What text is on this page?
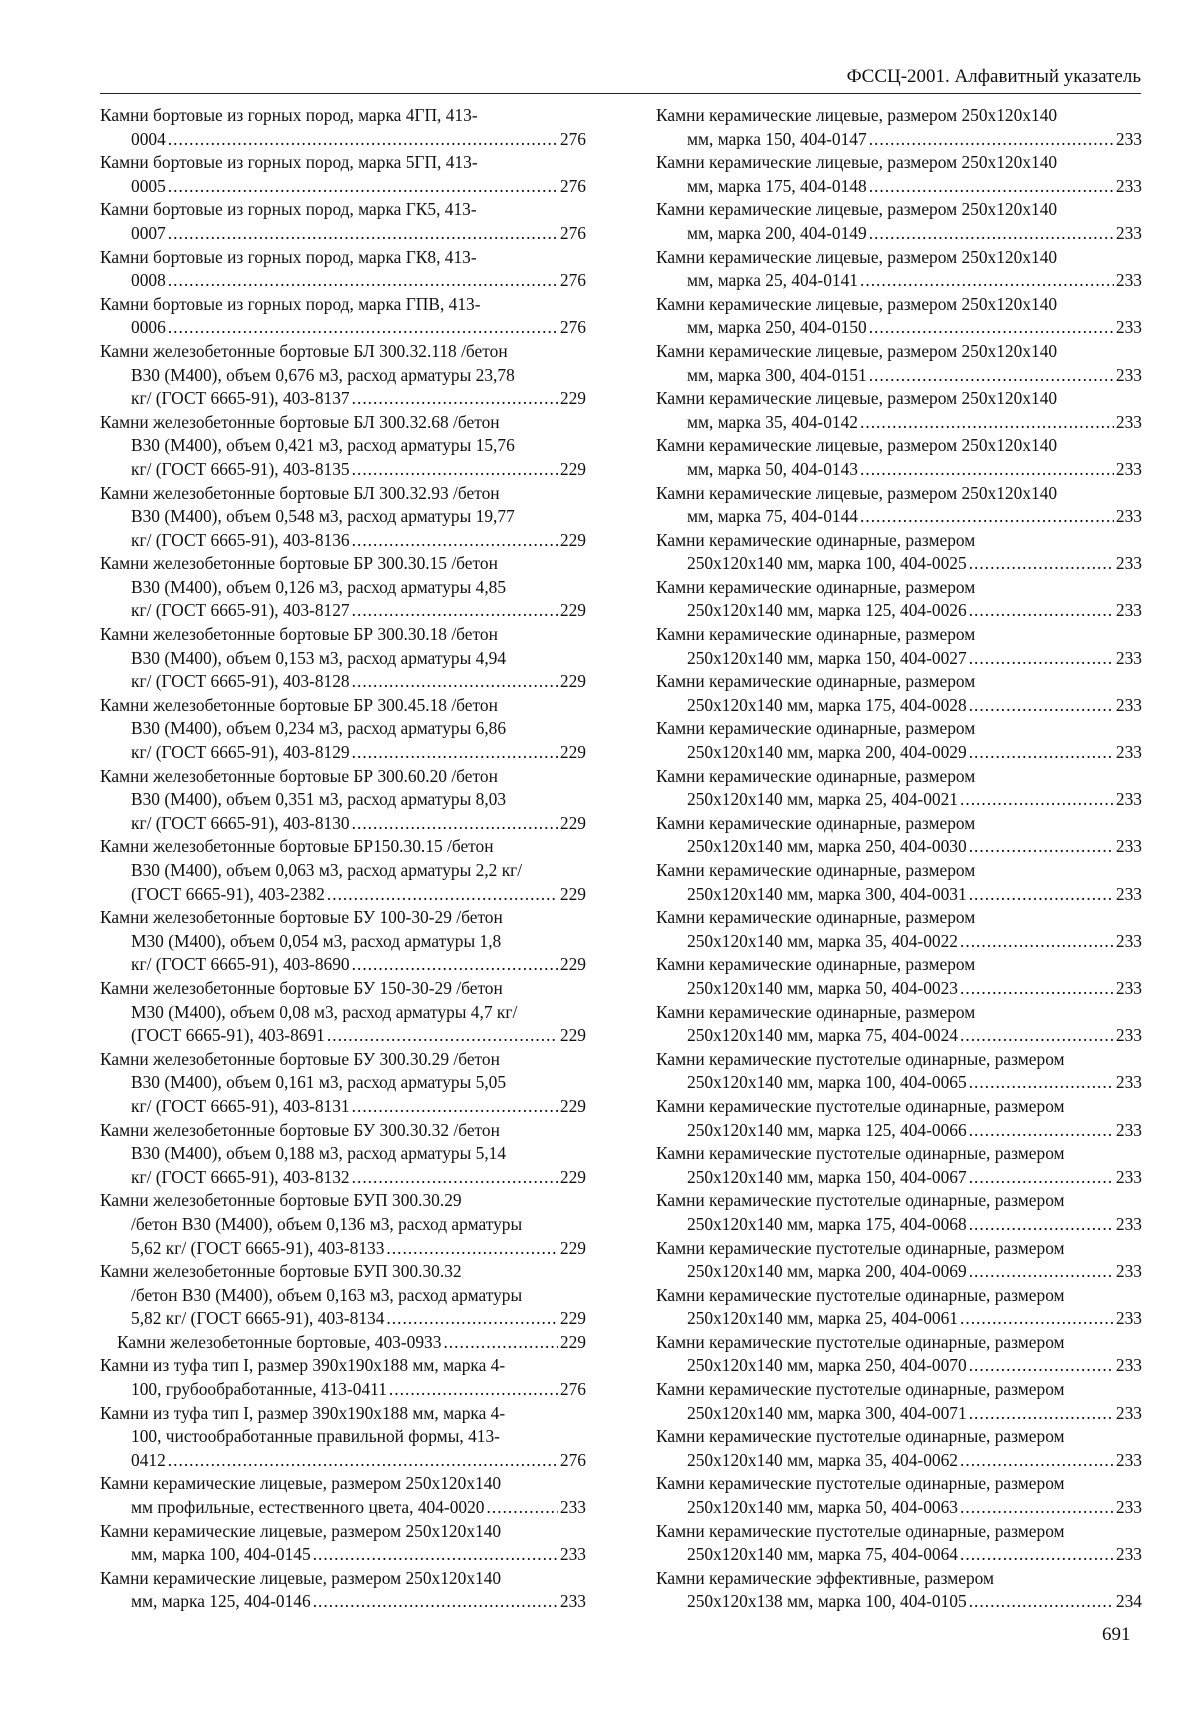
ФССЦ-2001. Алфавитный указатель
Камни бортовые из горных пород, марка 4ГП, 413-
0004 .....	276
Камни бортовые из горных пород, марка 5ГП, 413-
0005 .....	276
Камни бортовые из горных пород, марка ГК5, 413-
0007 .....	276
Камни бортовые из горных пород, марка ГК8, 413-
0008 .....	276
Камни бортовые из горных пород, марка ГПВ, 413-
0006 .....	276
Камни железобетонные бортовые БЛ 300.32.118 /бетон
В30 (М400), объем 0,676 м3, расход арматуры 23,78
кг/ (ГОСТ 6665-91), 403-8137 .....	229
Камни железобетонные бортовые БЛ 300.32.68 /бетон
В30 (М400), объем 0,421 м3, расход арматуры 15,76
кг/ (ГОСТ 6665-91), 403-8135 .....	229
Камни железобетонные бортовые БЛ 300.32.93 /бетон
В30 (М400), объем 0,548 м3, расход арматуры 19,77
кг/ (ГОСТ 6665-91), 403-8136 .....	229
Камни железобетонные бортовые БР 300.30.15 /бетон
В30 (М400), объем 0,126 м3, расход арматуры 4,85
кг/ (ГОСТ 6665-91), 403-8127 .....	229
Камни железобетонные бортовые БР 300.30.18 /бетон
В30 (М400), объем 0,153 м3, расход арматуры 4,94
кг/ (ГОСТ 6665-91), 403-8128 .....	229
Камни железобетонные бортовые БР 300.45.18 /бетон
В30 (М400), объем 0,234 м3, расход арматуры 6,86
кг/ (ГОСТ 6665-91), 403-8129 .....	229
Камни железобетонные бортовые БР 300.60.20 /бетон
В30 (М400), объем 0,351 м3, расход арматуры 8,03
кг/ (ГОСТ 6665-91), 403-8130 .....	229
Камни железобетонные бортовые БР150.30.15 /бетон
В30 (М400), объем 0,063 м3, расход арматуры 2,2 кг/
(ГОСТ 6665-91), 403-2382 .....	229
Камни железобетонные бортовые БУ 100-30-29 /бетон
М30 (М400), объем 0,054 м3, расход арматуры 1,8
кг/ (ГОСТ 6665-91), 403-8690 .....	229
Камни железобетонные бортовые БУ 150-30-29 /бетон
М30 (М400), объем 0,08 м3, расход арматуры 4,7 кг/
(ГОСТ 6665-91), 403-8691 .....	229
Камни железобетонные бортовые БУ 300.30.29 /бетон
В30 (М400), объем 0,161 м3, расход арматуры 5,05
кг/ (ГОСТ 6665-91), 403-8131 .....	229
Камни железобетонные бортовые БУ 300.30.32 /бетон
В30 (М400), объем 0,188 м3, расход арматуры 5,14
кг/ (ГОСТ 6665-91), 403-8132 .....	229
Камни железобетонные бортовые БУП 300.30.29
/бетон В30 (М400), объем 0,136 м3, расход арматуры
5,62 кг/ (ГОСТ 6665-91), 403-8133 .....	229
Камни железобетонные бортовые БУП 300.30.32
/бетон В30 (М400), объем 0,163 м3, расход арматуры
5,82 кг/ (ГОСТ 6665-91), 403-8134 .....	229
Камни железобетонные бортовые, 403-0933 .....	229
Камни из туфа тип I, размер 390х190х188 мм, марка 4-
100, грубообработанные, 413-0411 .....	276
Камни из туфа тип I, размер 390х190х188 мм, марка 4-
100, чистообработанные правильной формы, 413-
0412 .....	276
Камни керамические лицевые, размером 250х120х140
мм профильные, естественного цвета, 404-0020 .....	233
Камни керамические лицевые, размером 250х120х140
мм, марка 100, 404-0145 .....	233
Камни керамические лицевые, размером 250х120х140
мм, марка 125, 404-0146 .....	233
Камни керамические лицевые, размером 250х120х140
мм, марка 150, 404-0147 .....	233
Камни керамические лицевые, размером 250х120х140
мм, марка 175, 404-0148 .....	233
Камни керамические лицевые, размером 250х120х140
мм, марка 200, 404-0149 .....	233
Камни керамические лицевые, размером 250х120х140
мм, марка 25, 404-0141 .....	233
Камни керамические лицевые, размером 250х120х140
мм, марка 250, 404-0150 .....	233
Камни керамические лицевые, размером 250х120х140
мм, марка 300, 404-0151 .....	233
Камни керамические лицевые, размером 250х120х140
мм, марка 35, 404-0142 .....	233
Камни керамические лицевые, размером 250х120х140
мм, марка 50, 404-0143 .....	233
Камни керамические лицевые, размером 250х120х140
мм, марка 75, 404-0144 .....	233
Камни керамические одинарные, размером
250х120х140 мм, марка 100, 404-0025 .....	233
Камни керамические одинарные, размером
250х120х140 мм, марка 125, 404-0026 .....	233
Камни керамические одинарные, размером
250х120х140 мм, марка 150, 404-0027 .....	233
Камни керамические одинарные, размером
250х120х140 мм, марка 175, 404-0028 .....	233
Камни керамические одинарные, размером
250х120х140 мм, марка 200, 404-0029 .....	233
Камни керамические одинарные, размером
250х120х140 мм, марка 25, 404-0021 .....	233
Камни керамические одинарные, размером
250х120х140 мм, марка 250, 404-0030 .....	233
Камни керамические одинарные, размером
250х120х140 мм, марка 300, 404-0031 .....	233
Камни керамические одинарные, размером
250х120х140 мм, марка 35, 404-0022 .....	233
Камни керамические одинарные, размером
250х120х140 мм, марка 50, 404-0023 .....	233
Камни керамические одинарные, размером
250х120х140 мм, марка 75, 404-0024 .....	233
Камни керамические пустотелые одинарные, размером
250х120х140 мм, марка 100, 404-0065 .....	233
Камни керамические пустотелые одинарные, размером
250х120х140 мм, марка 125, 404-0066 .....	233
Камни керамические пустотелые одинарные, размером
250х120х140 мм, марка 150, 404-0067 .....	233
Камни керамические пустотелые одинарные, размером
250х120х140 мм, марка 175, 404-0068 .....	233
Камни керамические пустотелые одинарные, размером
250х120х140 мм, марка 200, 404-0069 .....	233
Камни керамические пустотелые одинарные, размером
250х120х140 мм, марка 25, 404-0061 .....	233
Камни керамические пустотелые одинарные, размером
250х120х140 мм, марка 250, 404-0070 .....	233
Камни керамические пустотелые одинарные, размером
250х120х140 мм, марка 300, 404-0071 .....	233
Камни керамические пустотелые одинарные, размером
250х120х140 мм, марка 35, 404-0062 .....	233
Камни керамические пустотелые одинарные, размером
250х120х140 мм, марка 50, 404-0063 .....	233
Камни керамические пустотелые одинарные, размером
250х120х140 мм, марка 75, 404-0064 .....	233
Камни керамические эффективные, размером
250х120х138 мм, марка 100, 404-0105 .....	234
691
